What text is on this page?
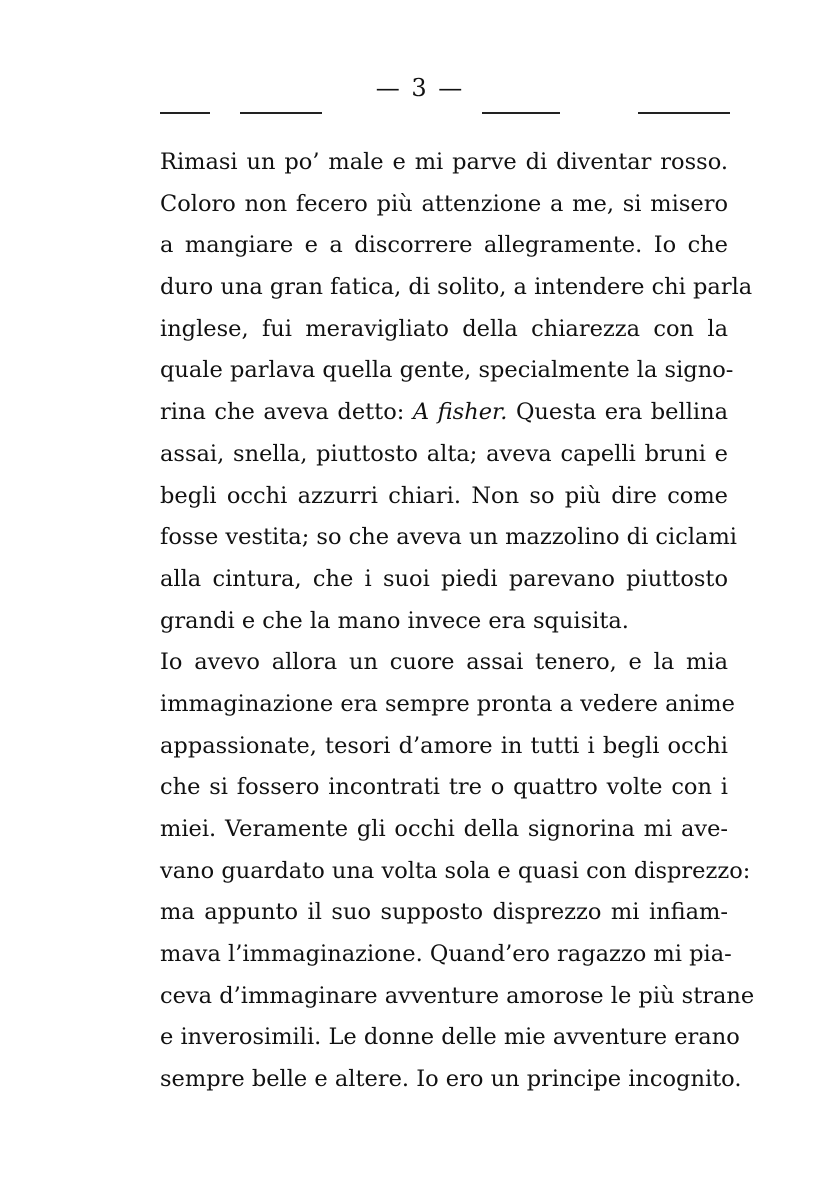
— 3 —
Rimasi un po’ male e mi parve di diventar rosso.
Coloro non fecero più attenzione a me, si misero
a mangiare e a discorrere allegramente. Io che
duro una gran fatica, di solito, a intendere chi parla
inglese, fui meravigliato della chiarezza con la
quale parlava quella gente, specialmente la signo-
rina che aveva detto: A fisher. Questa era bellina
assai, snella, piuttosto alta; aveva capelli bruni e
begli occhi azzurri chiari. Non so più dire come
fosse vestita; so che aveva un mazzolino di ciclami
alla cintura, che i suoi piedi parevano piuttosto
grandi e che la mano invece era squisita.
Io avevo allora un cuore assai tenero, e la mia
immaginazione era sempre pronta a vedere anime
appassionate, tesori d’amore in tutti i begli occhi
che si fossero incontrati tre o quattro volte con i
miei. Veramente gli occhi della signorina mi ave-
vano guardato una volta sola e quasi con disprezzo:
ma appunto il suo supposto disprezzo mi infiam-
mava l’immaginazione. Quand’ero ragazzo mi pia-
ceva d’immaginare avventure amorose le più strane
e inverosimili. Le donne delle mie avventure erano
sempre belle e altere. Io ero un principe incognito.
